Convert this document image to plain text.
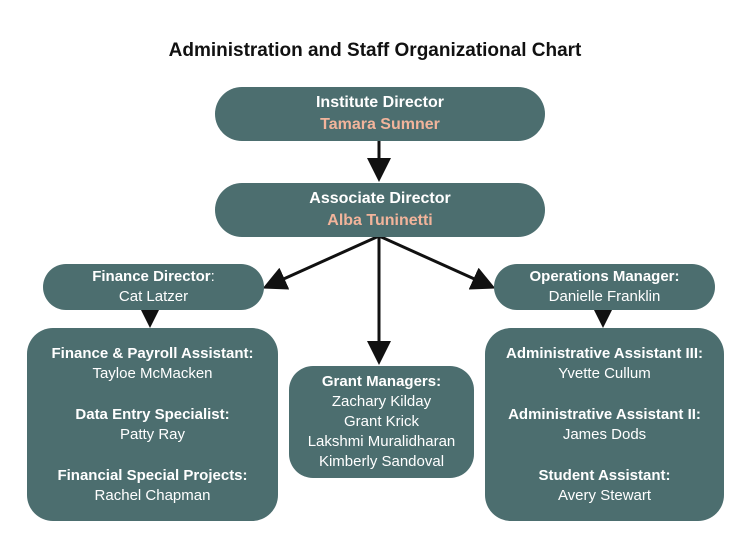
Administration and Staff Organizational Chart
Institute Director
Tamara Sumner
Associate Director
Alba Tuninetti
Finance Director:
Cat Latzer
Operations Manager:
Danielle Franklin
Finance & Payroll Assistant:
Tayloe McMacken
Data Entry Specialist:
Patty Ray
Financial Special Projects:
Rachel Chapman
Grant Managers:
Zachary Kilday
Grant Krick
Lakshmi Muralidharan
Kimberly Sandoval
Administrative Assistant III:
Yvette Cullum
Administrative Assistant II:
James Dods
Student Assistant:
Avery Stewart
